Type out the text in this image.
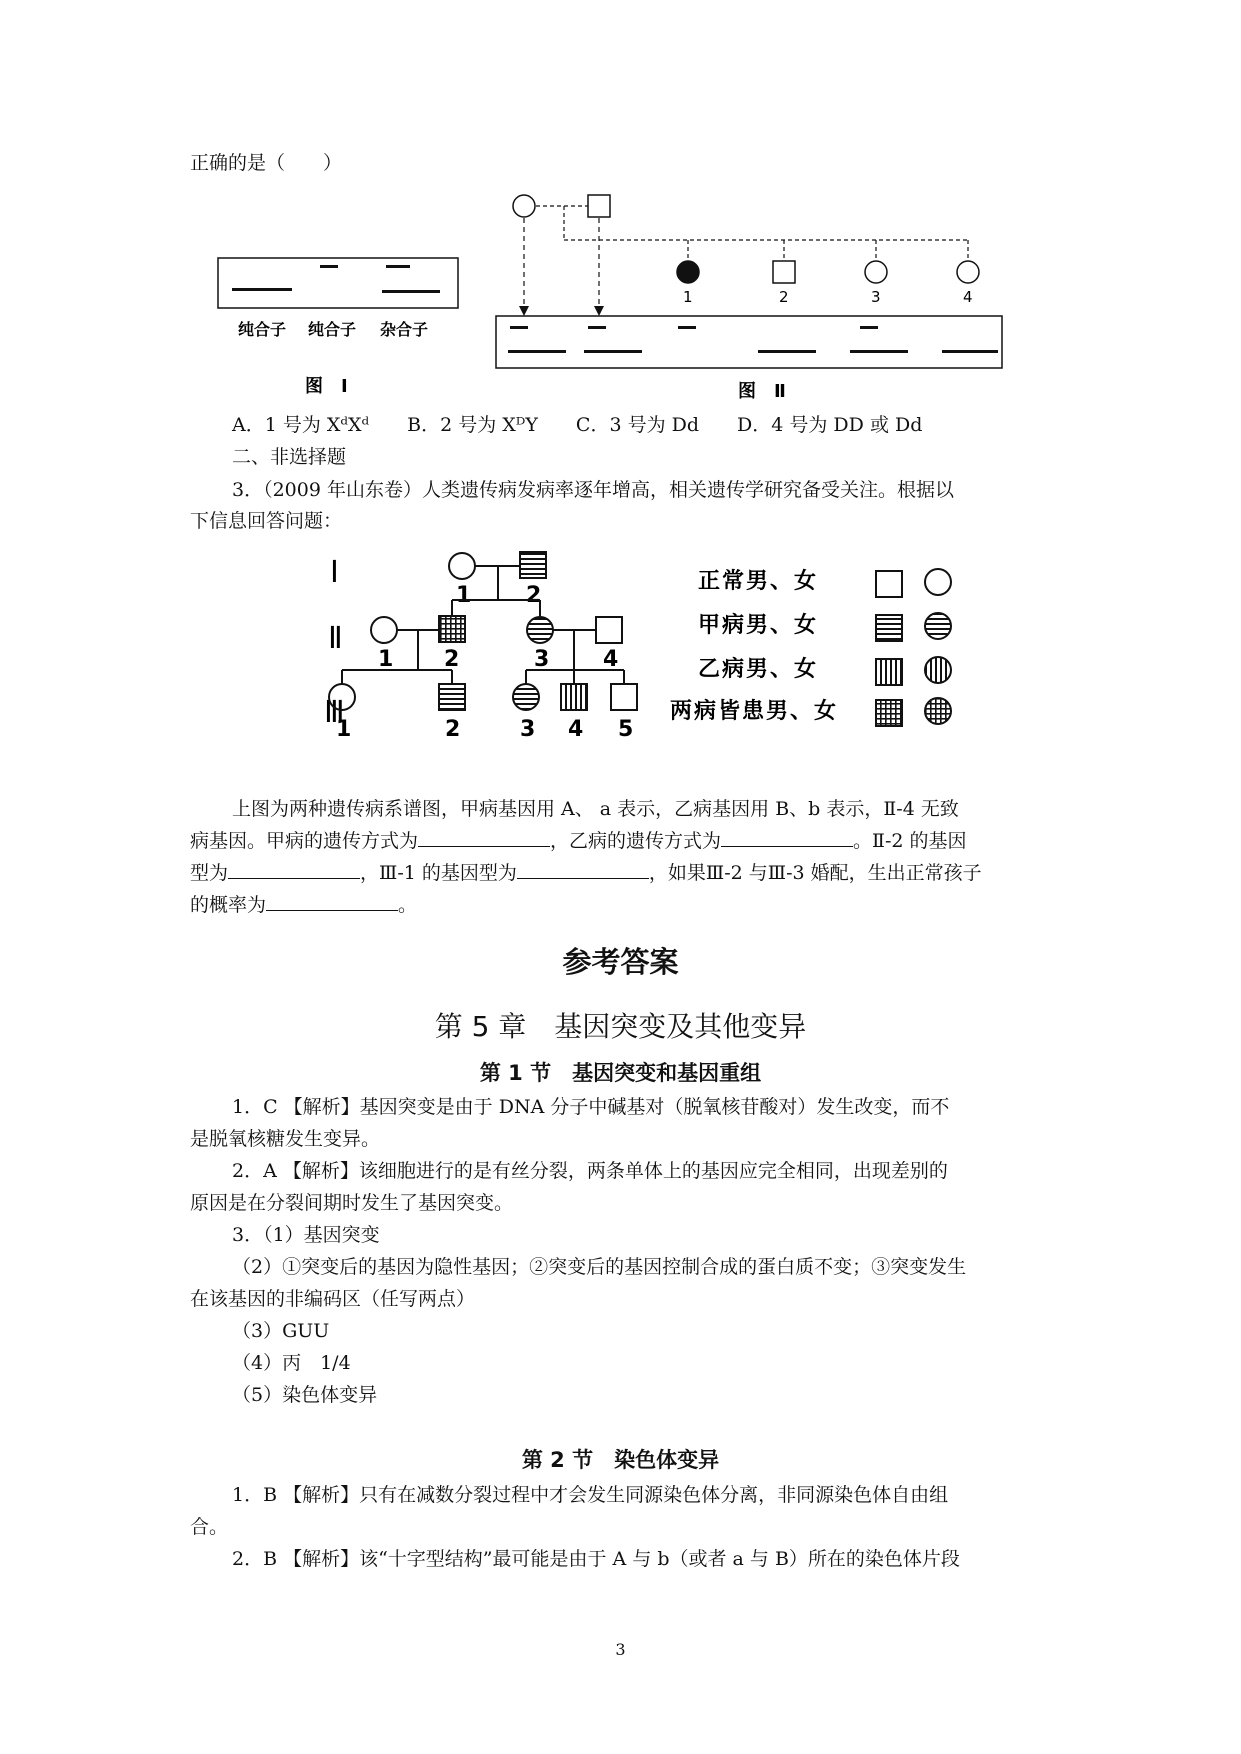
正确的是（　　）
纯合子 纯合子 杂合子
图　Ⅰ
1	2	3	4
图　Ⅱ
A．1 号为 XᵈXᵈ　　B．2 号为 XᴰY　　C．3 号为 Dd　　D．4 号为 DD 或 Dd
二、非选择题
3．（2009 年山东卷）人类遗传病发病率逐年增高，相关遗传学研究备受关注。根据以
下信息回答问题：
Ⅰ
Ⅱ
Ⅲ
1 2
1 2	3 4
1	2	3 4 5
正常男、女
甲病男、女
乙病男、女
两病皆患男、女
上图为两种遗传病系谱图，甲病基因用 A、 a 表示，乙病基因用 B、b 表示，Ⅱ-4 无致
病基因。甲病的遗传方式为	，乙病的遗传方式为	。Ⅱ-2 的基因
型为	，Ⅲ-1 的基因型为	，如果Ⅲ-2 与Ⅲ-3 婚配，生出正常孩子
的概率为	。
参考答案
第 5 章　基因突变及其他变异
第 1 节　基因突变和基因重组
1．C 【解析】基因突变是由于 DNA 分子中碱基对（脱氧核苷酸对）发生改变，而不
是脱氧核糖发生变异。
2．A 【解析】该细胞进行的是有丝分裂，两条单体上的基因应完全相同，出现差别的
原因是在分裂间期时发生了基因突变。
3．（1）基因突变
（2）①突变后的基因为隐性基因；②突变后的基因控制合成的蛋白质不变；③突变发生
在该基因的非编码区（任写两点）
（3）GUU
（4）丙　1/4
（5）染色体变异
第 2 节　染色体变异
1．B 【解析】只有在减数分裂过程中才会发生同源染色体分离，非同源染色体自由组
合。
2．B 【解析】该“十字型结构”最可能是由于 A 与 b（或者 a 与 B）所在的染色体片段
3
